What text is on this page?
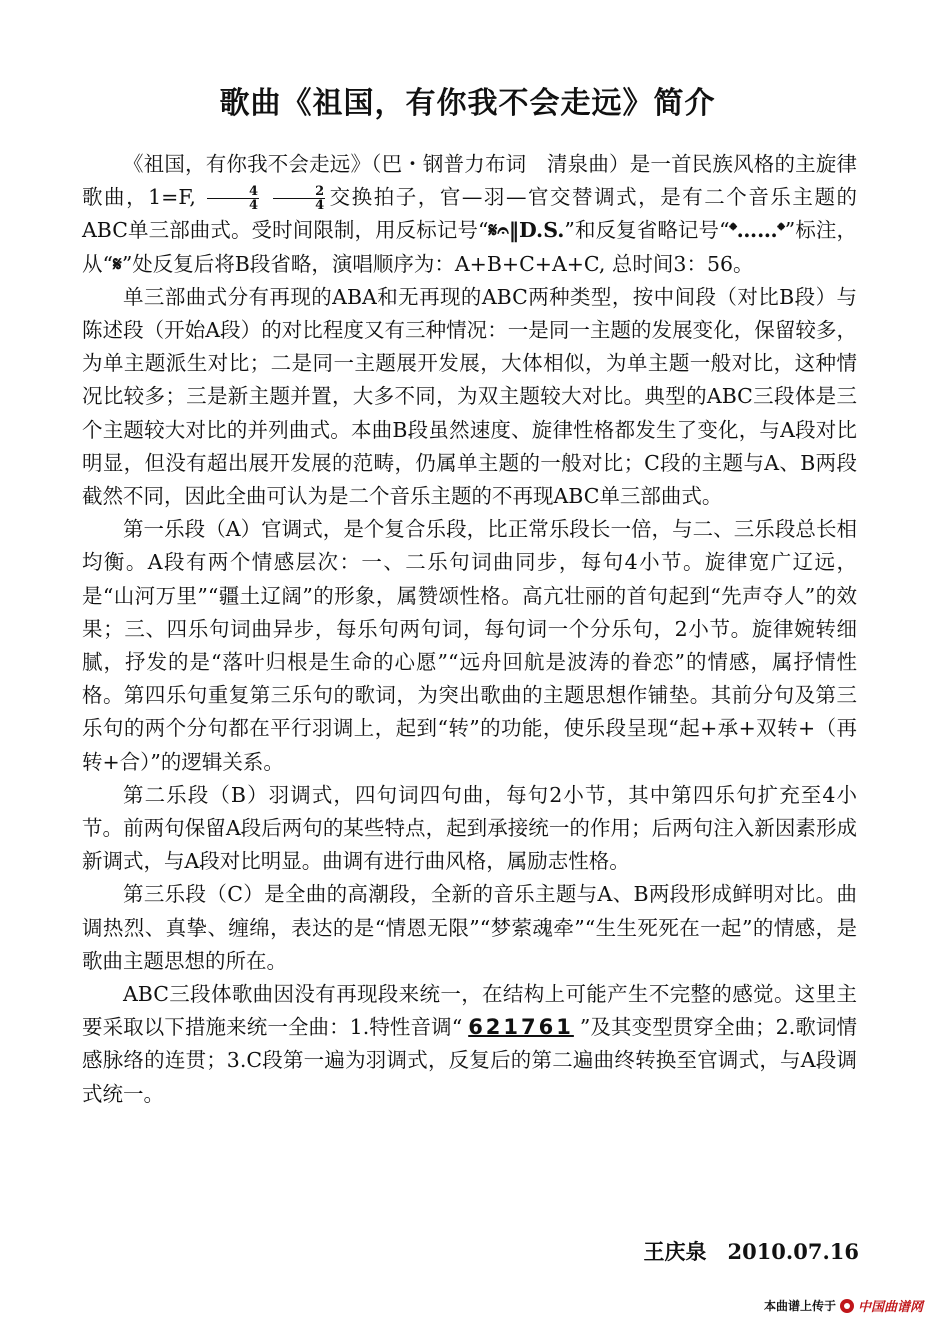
歌曲《祖国，有你我不会走远》简介

《祖国，有你我不会走远》（巴・钢普力布词　清泉曲）是一首民族风格的主旋律歌曲，1=F, $\frac{4}{4}$
$\frac{2}{4}$ 交换拍子，官—羽—官交替调式，是有二个音乐主题的ABC单三部曲式。受时间限制，用反标记号“𝄋𝄐‖D.S.”和反复省略记号“𝄌……𝄌”标注，从“𝄋”处反复后将B段省略，演唱顺序为：A+B+C+A+C, 总时间3：56。

单三部曲式分有再现的ABA和无再现的ABC两种类型，按中间段（对比B段）与陈述段（开始A段）的对比程度又有三种情况：一是同一主题的发展变化，保留较多，为单主题派生对比；二是同一主题展开发展，大体相似，为单主题一般对比，这种情况比较多；三是新主题并置，大多不同，为双主题较大对比。典型的ABC三段体是三个主题较大对比的并列曲式。本曲B段虽然速度、旋律性格都发生了变化，与A段对比明显，但没有超出展开发展的范畴，仍属单主题的一般对比；C段的主题与A、B两段截然不同，因此全曲可认为是二个音乐主题的不再现ABC单三部曲式。

第一乐段（A）官调式，是个复合乐段，比正常乐段长一倍，与二、三乐段总长相均衡。A段有两个情感层次：一、二乐句词曲同步，每句4小节。旋律宽广辽远，是“山河万里”“疆土辽阔”的形象，属赞颂性格。高亢壮丽的首句起到“先声夺人”的效果；三、四乐句词曲异步，每乐句两句词，每句词一个分乐句，2小节。旋律婉转细腻，抒发的是“落叶归根是生命的心愿”“远舟回航是波涛的眷恋”的情感，属抒情性格。第四乐句重复第三乐句的歌词，为突出歌曲的主题思想作铺垫。其前分句及第三乐句的两个分句都在平行羽调上，起到“转”的功能，使乐段呈现“起+承+双转+（再转+合）”的逻辑关系。

第二乐段（B）羽调式，四句词四句曲，每句2小节，其中第四乐句扩充至4小节。前两句保留A段后两句的某些特点，起到承接统一的作用；后两句注入新因素形成新调式，与A段对比明显。曲调有进行曲风格，属励志性格。

第三乐段（C）是全曲的高潮段，全新的音乐主题与A、B两段形成鲜明对比。曲调热烈、真挚、缠绵，表达的是“情恩无限”“梦萦魂牵”“生生死死在一起”的情感，是歌曲主题思想的所在。

ABC三段体歌曲因没有再现段来统一，在结构上可能产生不完整的感觉。这里主要采取以下措施来统一全曲：1.特性音调“ 621761 ”及其变型贯穿全曲；2.歌词情感脉络的连贯；3.C段第一遍为羽调式，反复后的第二遍曲终转换至官调式，与A段调式统一。

王庆泉　2010.07.16
本曲谱上传于 中国曲谱网
